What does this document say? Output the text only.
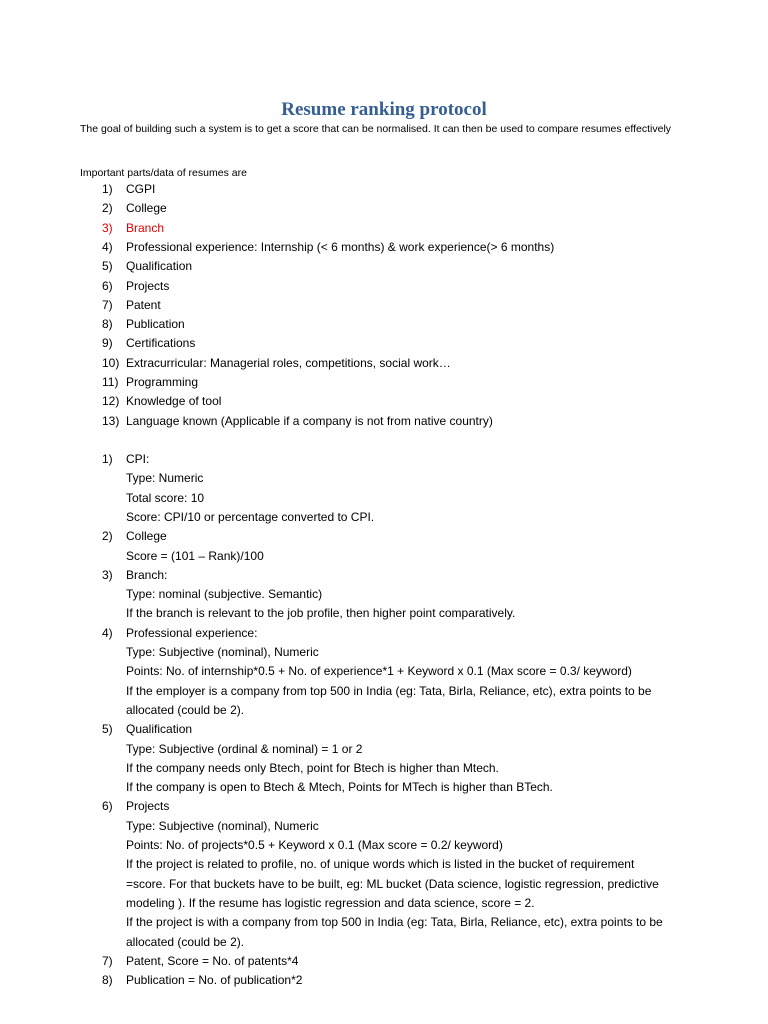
Resume ranking protocol
The goal of building such a system is to get a score that can be normalised. It can then be used to compare resumes effectively
Important parts/data of resumes are
1) CGPI
2) College
3) Branch
4) Professional experience: Internship (< 6 months) & work experience(> 6 months)
5) Qualification
6) Projects
7) Patent
8) Publication
9) Certifications
10) Extracurricular: Managerial roles, competitions, social work…
11) Programming
12) Knowledge of tool
13) Language known (Applicable if a company is not from native country)
1) CPI:
Type: Numeric
Total score: 10
Score: CPI/10 or percentage converted to CPI.
2) College
Score = (101 – Rank)/100
3) Branch:
Type: nominal (subjective. Semantic)
If the branch is relevant to the job profile, then higher point comparatively.
4) Professional experience:
Type: Subjective (nominal), Numeric
Points: No. of internship*0.5 + No. of experience*1 + Keyword x 0.1 (Max score = 0.3/ keyword)
If the employer is a company from top 500 in India (eg: Tata, Birla, Reliance, etc), extra points to be
allocated (could be 2).
5) Qualification
Type: Subjective (ordinal & nominal) = 1 or 2
If the company needs only Btech, point for Btech is higher than Mtech.
If the company is open to Btech & Mtech, Points for MTech is higher than BTech.
6) Projects
Type: Subjective (nominal), Numeric
Points: No. of projects*0.5 + Keyword x 0.1 (Max score = 0.2/ keyword)
If the project is related to profile, no. of unique words which is listed in the bucket of requirement
=score. For that buckets have to be built, eg: ML bucket (Data science, logistic regression, predictive
modeling ). If the resume has logistic regression and data science, score = 2.
If the project is with a company from top 500 in India (eg: Tata, Birla, Reliance, etc), extra points to be
allocated (could be 2).
7) Patent, Score = No. of patents*4
8) Publication = No. of publication*2
